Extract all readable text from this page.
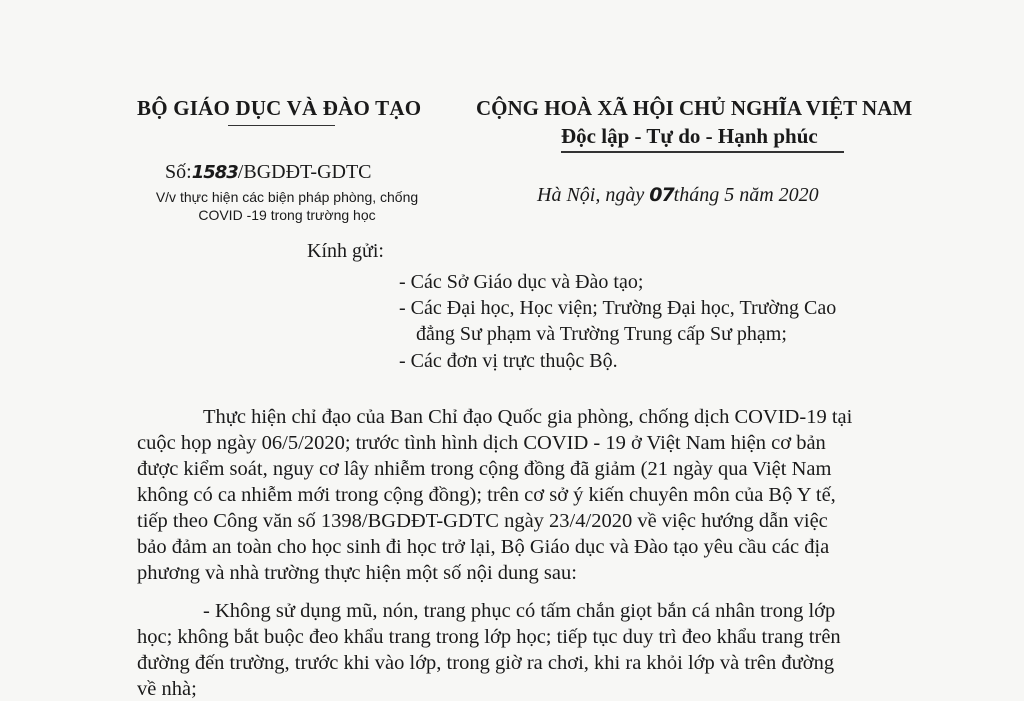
BỘ GIÁO DỤC VÀ ĐÀO TẠO	CỘNG HOÀ XÃ HỘI CHỦ NGHĨA VIỆT NAM
Độc lập - Tự do - Hạnh phúc
Số:1583/BGDĐT-GDTC
V/v thực hiện các biện pháp phòng, chống
COVID -19 trong trường học
Hà Nội, ngày 07tháng 5 năm 2020
Kính gửi:
- Các Sở Giáo dục và Đào tạo;
- Các Đại học, Học viện; Trường Đại học, Trường Cao
đẳng Sư phạm và Trường Trung cấp Sư phạm;
- Các đơn vị trực thuộc Bộ.
Thực hiện chỉ đạo của Ban Chỉ đạo Quốc gia phòng, chống dịch COVID-19 tại
cuộc họp ngày 06/5/2020; trước tình hình dịch COVID - 19 ở Việt Nam hiện cơ bản
được kiểm soát, nguy cơ lây nhiễm trong cộng đồng đã giảm (21 ngày qua Việt Nam
không có ca nhiễm mới trong cộng đồng); trên cơ sở ý kiến chuyên môn của Bộ Y tế,
tiếp theo Công văn số 1398/BGDĐT-GDTC ngày 23/4/2020 về việc hướng dẫn việc
bảo đảm an toàn cho học sinh đi học trở lại, Bộ Giáo dục và Đào tạo yêu cầu các địa
phương và nhà trường thực hiện một số nội dung sau:
- Không sử dụng mũ, nón, trang phục có tấm chắn giọt bắn cá nhân trong lớp
học; không bắt buộc đeo khẩu trang trong lớp học; tiếp tục duy trì đeo khẩu trang trên
đường đến trường, trước khi vào lớp, trong giờ ra chơi, khi ra khỏi lớp và trên đường
về nhà;
